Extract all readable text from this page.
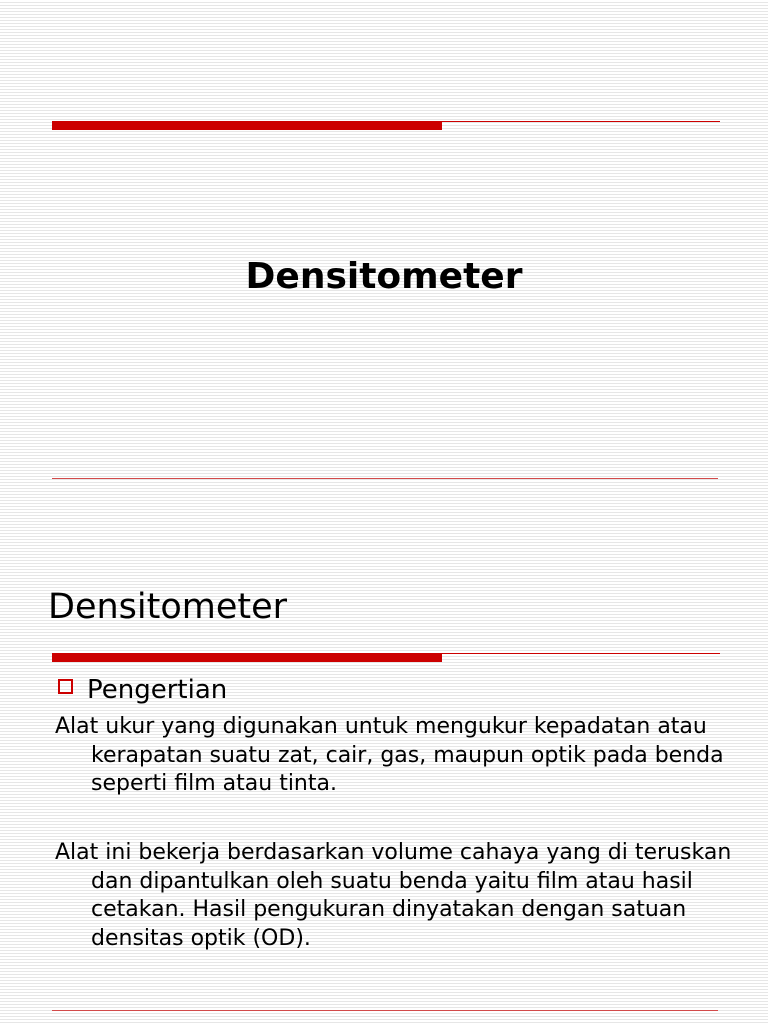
Densitometer
Densitometer
Pengertian

Alat ukur yang digunakan untuk mengukur kepadatan atau kerapatan suatu zat, cair, gas, maupun optik pada benda seperti film atau tinta.

Alat ini bekerja berdasarkan volume cahaya yang di teruskan dan dipantulkan oleh suatu benda yaitu film atau hasil cetakan. Hasil pengukuran dinyatakan dengan satuan densitas optik (OD).
